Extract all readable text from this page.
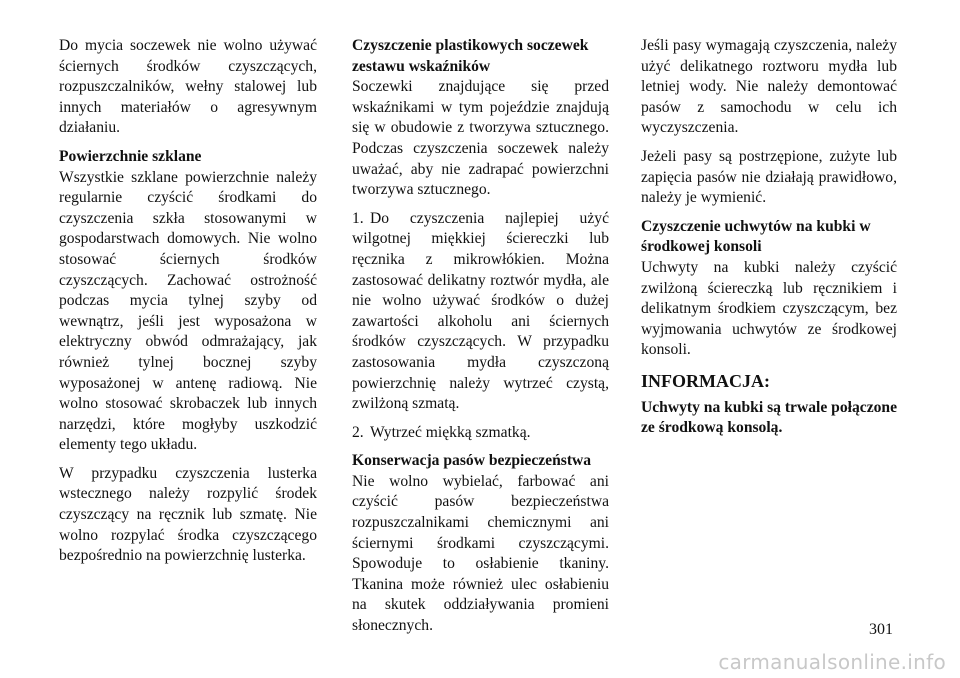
Do mycia soczewek nie wolno używać ściernych środków czyszczących, rozpuszczalników, wełny stalowej lub innych materiałów o agresywnym działaniu.

Powierzchnie szklane

Wszystkie szklane powierzchnie należy regularnie czyścić środkami do czyszczenia szkła stosowanymi w gospodarstwach domowych. Nie wolno stosować ściernych środków czyszczących. Zachować ostrożność podczas mycia tylnej szyby od wewnątrz, jeśli jest wyposażona w elektryczny obwód odmrażający, jak również tylnej bocznej szyby wyposażonej w antenę radiową. Nie wolno stosować skrobaczek lub innych narzędzi, które mogłyby uszkodzić elementy tego układu.

W przypadku czyszczenia lusterka wstecznego należy rozpylić środek czyszczący na ręcznik lub szmatę. Nie wolno rozpylać środka czyszczącego bezpośrednio na powierzchnię lusterka.

Czyszczenie plastikowych soczewek zestawu wskaźników

Soczewki znajdujące się przed wskaźnikami w tym pojeździe znajdują się w obudowie z tworzywa sztucznego. Podczas czyszczenia soczewek należy uważać, aby nie zadrapać powierzchni tworzywa sztucznego.

1. Do czyszczenia najlepiej użyć wilgotnej miękkiej ściereczki lub ręcznika z mikrowłókien. Można zastosować delikatny roztwór mydła, ale nie wolno używać środków o dużej zawartości alkoholu ani ściernych środków czyszczących. W przypadku zastosowania mydła czyszczoną powierzchnię należy wytrzeć czystą, zwilżoną szmatą.

2. Wytrzeć miękką szmatką.

Konserwacja pasów bezpieczeństwa

Nie wolno wybielać, farbować ani czyścić pasów bezpieczeństwa rozpuszczalnikami chemicznymi ani ściernymi środkami czyszczącymi. Spowoduje to osłabienie tkaniny. Tkanina może również ulec osłabieniu na skutek oddziaływania promieni słonecznych.

Jeśli pasy wymagają czyszczenia, należy użyć delikatnego roztworu mydła lub letniej wody. Nie należy demontować pasów z samochodu w celu ich wyczyszczenia.

Jeżeli pasy są postrzępione, zużyte lub zapięcia pasów nie działają prawidłowo, należy je wymienić.

Czyszczenie uchwytów na kubki w środkowej konsoli

Uchwyty na kubki należy czyścić zwilżoną ściereczką lub ręcznikiem i delikatnym środkiem czyszczącym, bez wyjmowania uchwytów ze środkowej konsoli.

INFORMACJA:

Uchwyty na kubki są trwale połączone ze środkową konsolą.

301
carmanualsonline.info
